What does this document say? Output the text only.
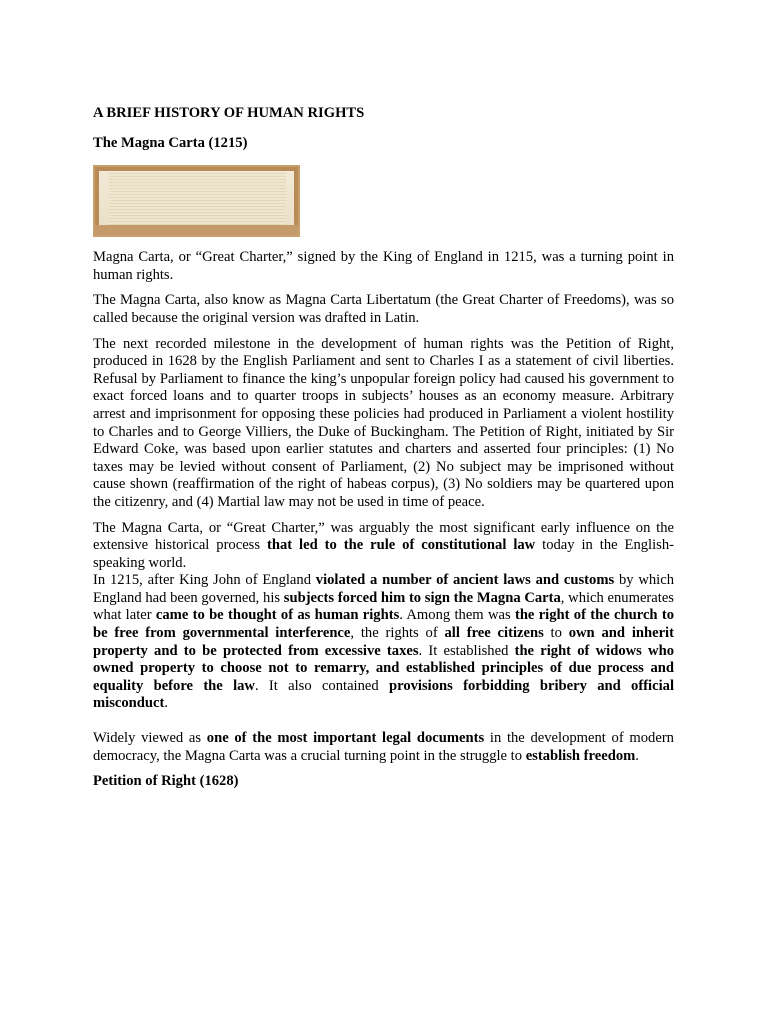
A BRIEF HISTORY OF HUMAN RIGHTS
The Magna Carta (1215)

Magna Carta, or “Great Charter,” signed by the King of England in 1215, was a turning point in human rights.

The Magna Carta, also know as Magna Carta Libertatum (the Great Charter of Freedoms), was so called because the original version was drafted in Latin.

The next recorded milestone in the development of human rights was the Petition of Right, produced in 1628 by the English Parliament and sent to Charles I as a statement of civil liberties. Refusal by Parliament to finance the king’s unpopular foreign policy had caused his government to exact forced loans and to quarter troops in subjects’ houses as an economy measure. Arbitrary arrest and imprisonment for opposing these policies had produced in Parliament a violent hostility to Charles and to George Villiers, the Duke of Buckingham. The Petition of Right, initiated by Sir Edward Coke, was based upon earlier statutes and charters and asserted four principles: (1) No taxes may be levied without consent of Parliament, (2) No subject may be imprisoned without cause shown (reaffirmation of the right of habeas corpus), (3) No soldiers may be quartered upon the citizenry, and (4) Martial law may not be used in time of peace.

The Magna Carta, or “Great Charter,” was arguably the most significant early influence on the extensive historical process that led to the rule of constitutional law today in the English-speaking world.

In 1215, after King John of England violated a number of ancient laws and customs by which England had been governed, his subjects forced him to sign the Magna Carta, which enumerates what later came to be thought of as human rights. Among them was the right of the church to be free from governmental interference, the rights of all free citizens to own and inherit property and to be protected from excessive taxes. It established the right of widows who owned property to choose not to remarry, and established principles of due process and equality before the law. It also contained provisions forbidding bribery and official misconduct.

Widely viewed as one of the most important legal documents in the development of modern democracy, the Magna Carta was a crucial turning point in the struggle to establish freedom.

Petition of Right (1628)
